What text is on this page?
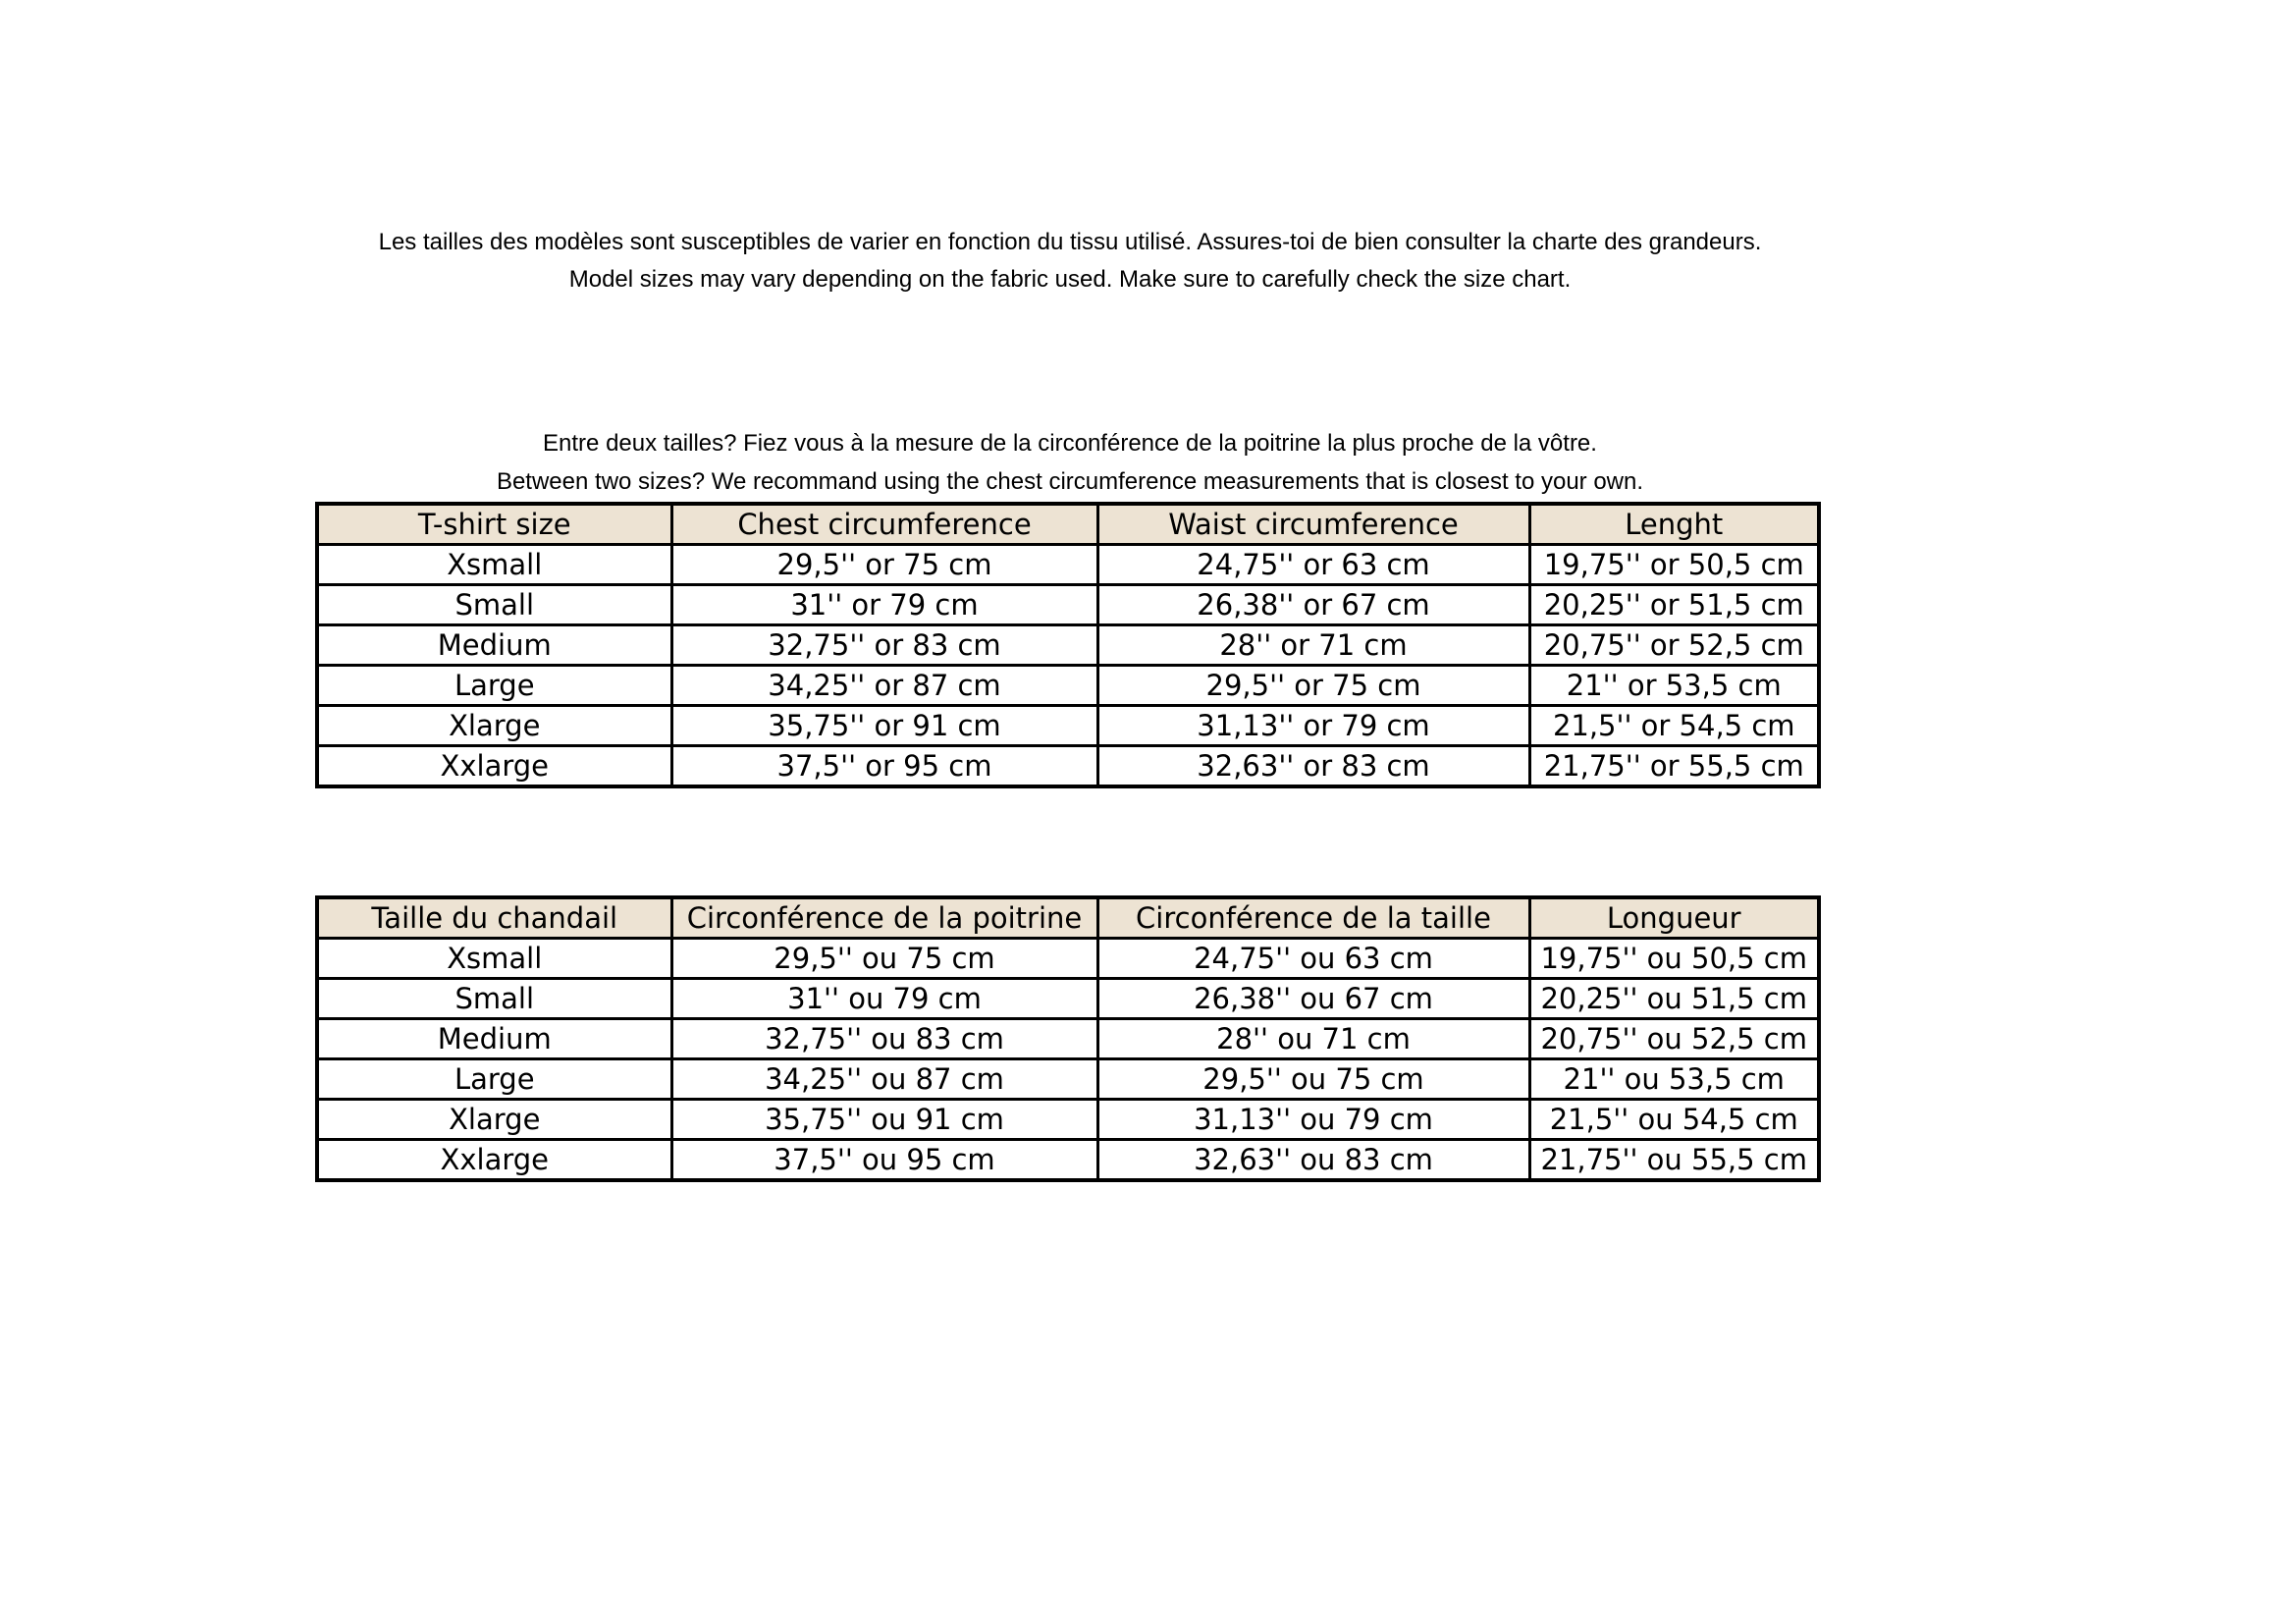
Les tailles des modèles sont susceptibles de varier en fonction du tissu utilisé. Assures-toi de bien consulter la charte des grandeurs.
Model sizes may vary depending on the fabric used. Make sure to carefully check the size chart.
Entre deux tailles? Fiez vous à la mesure de la circonférence de la poitrine la plus proche de la vôtre.
Between two sizes? We recommand using the chest circumference measurements that is closest to your own.
T-shirt size	Chest circumference	Waist circumference	Lenght
Xsmall	29,5'' or 75 cm	24,75'' or 63 cm	19,75'' or 50,5 cm
Small	31'' or 79 cm	26,38'' or 67 cm	20,25'' or 51,5 cm
Medium	32,75'' or 83 cm	28'' or 71 cm	20,75'' or 52,5 cm
Large	34,25'' or 87 cm	29,5'' or 75 cm	21'' or 53,5 cm
Xlarge	35,75'' or 91 cm	31,13'' or 79 cm	21,5'' or 54,5 cm
Xxlarge	37,5'' or 95 cm	32,63'' or 83 cm	21,75'' or 55,5 cm
Taille du chandail	Circonférence de la poitrine	Circonférence de la taille	Longueur
Xsmall	29,5'' ou 75 cm	24,75'' ou 63 cm	19,75'' ou 50,5 cm
Small	31'' ou 79 cm	26,38'' ou 67 cm	20,25'' ou 51,5 cm
Medium	32,75'' ou 83 cm	28'' ou 71 cm	20,75'' ou 52,5 cm
Large	34,25'' ou 87 cm	29,5'' ou 75 cm	21'' ou 53,5 cm
Xlarge	35,75'' ou 91 cm	31,13'' ou 79 cm	21,5'' ou 54,5 cm
Xxlarge	37,5'' ou 95 cm	32,63'' ou 83 cm	21,75'' ou 55,5 cm
